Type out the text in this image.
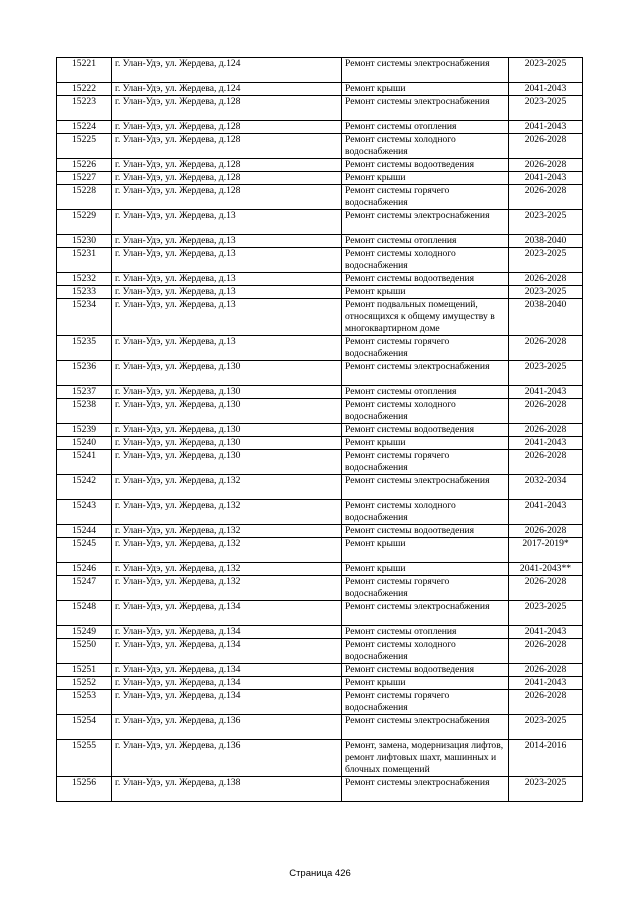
15221	г. Улан-Удэ, ул. Жердева, д.124	Ремонт системы электроснабжения	2023-2025
15222	г. Улан-Удэ, ул. Жердева, д.124	Ремонт крыши	2041-2043
15223	г. Улан-Удэ, ул. Жердева, д.128	Ремонт системы электроснабжения	2023-2025
15224	г. Улан-Удэ, ул. Жердева, д.128	Ремонт системы отопления	2041-2043
15225	г. Улан-Удэ, ул. Жердева, д.128	Ремонт системы холодного водоснабжения	2026-2028
15226	г. Улан-Удэ, ул. Жердева, д.128	Ремонт системы водоотведения	2026-2028
15227	г. Улан-Удэ, ул. Жердева, д.128	Ремонт крыши	2041-2043
15228	г. Улан-Удэ, ул. Жердева, д.128	Ремонт системы горячего водоснабжения	2026-2028
15229	г. Улан-Удэ, ул. Жердева, д.13	Ремонт системы электроснабжения	2023-2025
15230	г. Улан-Удэ, ул. Жердева, д.13	Ремонт системы отопления	2038-2040
15231	г. Улан-Удэ, ул. Жердева, д.13	Ремонт системы холодного водоснабжения	2023-2025
15232	г. Улан-Удэ, ул. Жердева, д.13	Ремонт системы водоотведения	2026-2028
15233	г. Улан-Удэ, ул. Жердева, д.13	Ремонт крыши	2023-2025
15234	г. Улан-Удэ, ул. Жердева, д.13	Ремонт подвальных помещений, относящихся к общему имуществу в многоквартирном доме	2038-2040
15235	г. Улан-Удэ, ул. Жердева, д.13	Ремонт системы горячего водоснабжения	2026-2028
15236	г. Улан-Удэ, ул. Жердева, д.130	Ремонт системы электроснабжения	2023-2025
15237	г. Улан-Удэ, ул. Жердева, д.130	Ремонт системы отопления	2041-2043
15238	г. Улан-Удэ, ул. Жердева, д.130	Ремонт системы холодного водоснабжения	2026-2028
15239	г. Улан-Удэ, ул. Жердева, д.130	Ремонт системы водоотведения	2026-2028
15240	г. Улан-Удэ, ул. Жердева, д.130	Ремонт крыши	2041-2043
15241	г. Улан-Удэ, ул. Жердева, д.130	Ремонт системы горячего водоснабжения	2026-2028
15242	г. Улан-Удэ, ул. Жердева, д.132	Ремонт системы электроснабжения	2032-2034
15243	г. Улан-Удэ, ул. Жердева, д.132	Ремонт системы холодного водоснабжения	2041-2043
15244	г. Улан-Удэ, ул. Жердева, д.132	Ремонт системы водоотведения	2026-2028
15245	г. Улан-Удэ, ул. Жердева, д.132	Ремонт крыши	2017-2019*
15246	г. Улан-Удэ, ул. Жердева, д.132	Ремонт крыши	2041-2043**
15247	г. Улан-Удэ, ул. Жердева, д.132	Ремонт системы горячего водоснабжения	2026-2028
15248	г. Улан-Удэ, ул. Жердева, д.134	Ремонт системы электроснабжения	2023-2025
15249	г. Улан-Удэ, ул. Жердева, д.134	Ремонт системы отопления	2041-2043
15250	г. Улан-Удэ, ул. Жердева, д.134	Ремонт системы холодного водоснабжения	2026-2028
15251	г. Улан-Удэ, ул. Жердева, д.134	Ремонт системы водоотведения	2026-2028
15252	г. Улан-Удэ, ул. Жердева, д.134	Ремонт крыши	2041-2043
15253	г. Улан-Удэ, ул. Жердева, д.134	Ремонт системы горячего водоснабжения	2026-2028
15254	г. Улан-Удэ, ул. Жердева, д.136	Ремонт системы электроснабжения	2023-2025
15255	г. Улан-Удэ, ул. Жердева, д.136	Ремонт, замена, модернизация лифтов, ремонт лифтовых шахт, машинных и блочных помещений	2014-2016
15256	г. Улан-Удэ, ул. Жердева, д.138	Ремонт системы электроснабжения	2023-2025
Страница 426
